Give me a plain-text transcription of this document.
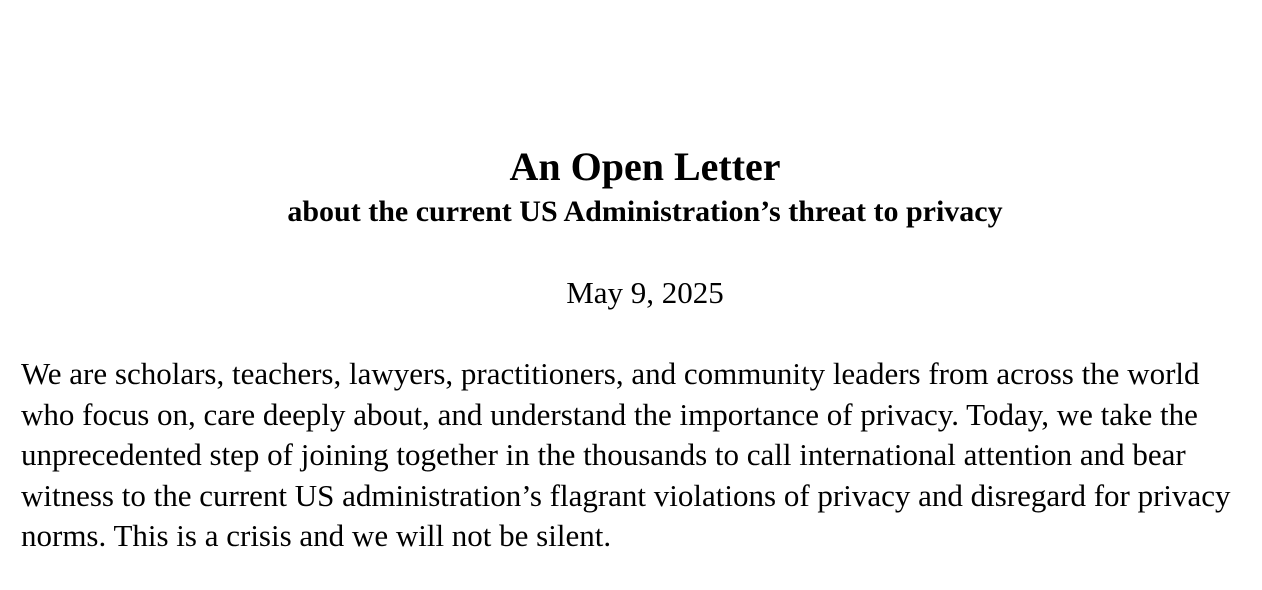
An Open Letter
about the current US Administration’s threat to privacy

May 9, 2025

We are scholars, teachers, lawyers, practitioners, and community leaders from across the world who focus on, care deeply about, and understand the importance of privacy. Today, we take the unprecedented step of joining together in the thousands to call international attention and bear witness to the current US administration’s flagrant violations of privacy and disregard for privacy norms. This is a crisis and we will not be silent.
